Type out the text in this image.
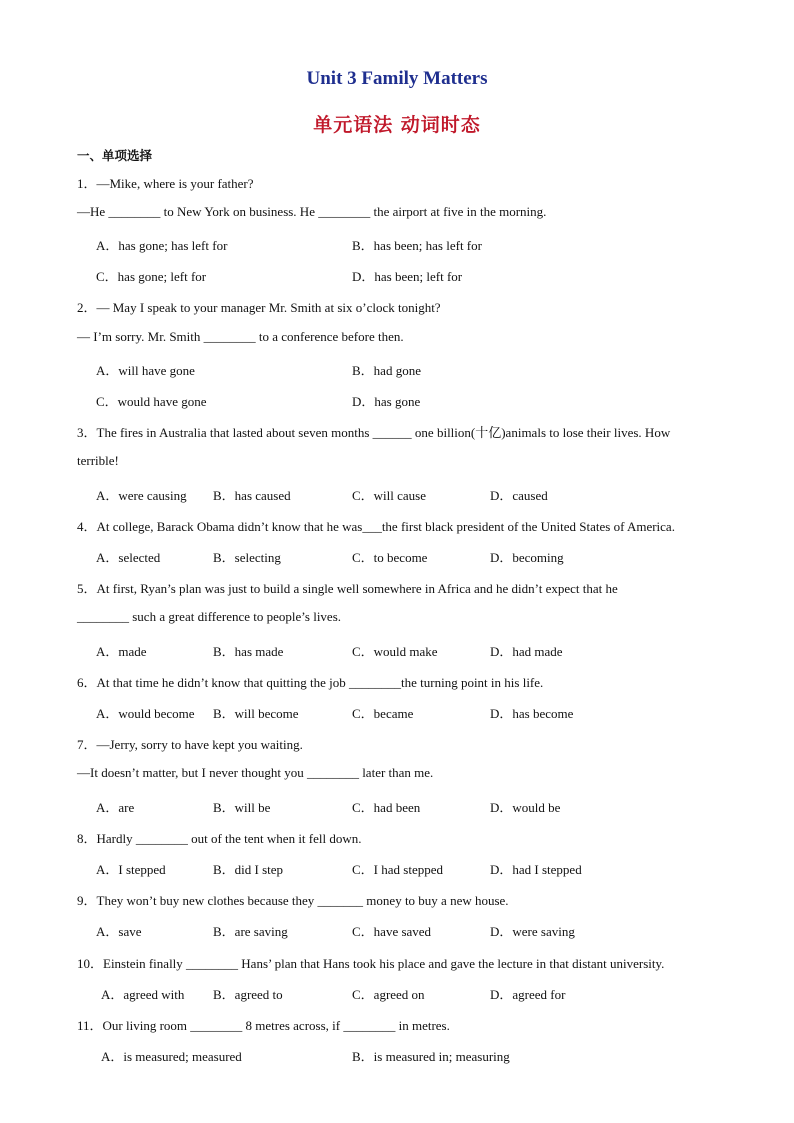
Unit 3 Family Matters
单元语法 动词时态
一、单项选择
1．—Mike, where is your father?
—He ________ to New York on business. He ________ the airport at five in the morning.
A．has gone; has left for	B．has been; has left for
C．has gone; left for	D．has been; left for
2．— May I speak to your manager Mr. Smith at six o’clock tonight?
— I’m sorry. Mr. Smith ________ to a conference before then.
A．will have gone	B．had gone
C．would have gone	D．has gone
3．The fires in Australia that lasted about seven months ______ one billion(十亿)animals to lose their lives. How
terrible!
A．were causing B．has caused	C．will cause	D．caused
4．At college, Barack Obama didn’t know that he was___the first black president of the United States of America.
A．selected	B．selecting	C．to become	D．becoming
5．At first, Ryan’s plan was just to build a single well somewhere in Africa and he didn’t expect that he
________ such a great difference to people’s lives.
A．made	B．has made	C．would make	D．had made
6．At that time he didn’t know that quitting the job ________the turning point in his life.
A．would become B．will become	C．became	D．has become
7．—Jerry, sorry to have kept you waiting.
—It doesn’t matter, but I never thought you ________ later than me.
A．are	B．will be	C．had been	D．would be
8．Hardly ________ out of the tent when it fell down.
A．I stepped	B．did I step	C．I had stepped	D．had I stepped
9．They won’t buy new clothes because they _______ money to buy a new house.
A．save	B．are saving	C．have saved	D．were saving
10．Einstein finally ________ Hans’ plan that Hans took his place and gave the lecture in that distant university.
A．agreed with B．agreed to	C．agreed on	D．agreed for
11．Our living room ________ 8 metres across, if ________ in metres.
A．is measured; measured	B．is measured in; measuring
